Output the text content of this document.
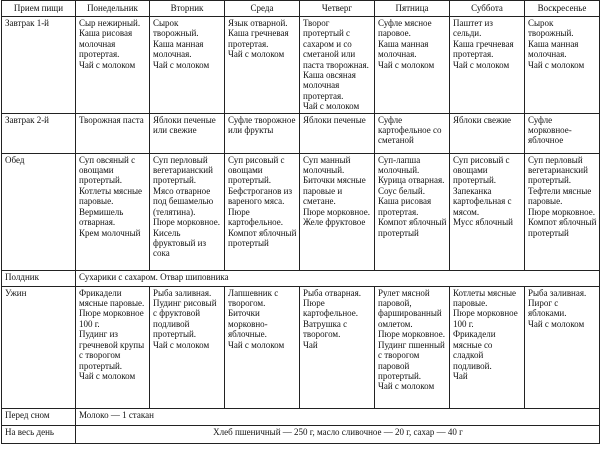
Прием пищи	Понедельник	Вторник	Среда	Четверг	Пятница	Суббота	Воскресенье
Завтрак 1-й	Сыр нежирный.
Каша рисовая молочная протертая.
Чай с молоком	Сырок творожный.
Каша манная молочная.
Чай с молоком	Язык отварной.
Каша гречневая протертая.
Чай с молоком	Творог протертый с сахаром и со сметаной или паста творожная.
Каша овсяная молочная протертая.
Чай с молоком	Суфле мясное паровое.
Каша манная молочная.
Чай с молоком	Паштет из сельди.
Каша гречневая протертая.
Чай с молоком	Сырок творожный.
Каша манная молочная.
Чай с молоком

Завтрак 2-й	Творожная паста	Яблоки печеные или свежие	Суфле творожное или фрукты	Яблоки печеные	Суфле картофельное со сметаной	Яблоки свежие	Суфле морковное-яблочное

Обед	Суп овсяный с овощами протертый.
Котлеты мясные паровые.
Вермишель отварная.
Крем молочный	Суп перловый вегетарианский протертый.
Мясо отварное под бешамелью (телятина).
Пюре морковное.
Кисель фруктовый из сока	Суп рисовый с овощами протертый.
Бефстроганов из вареного мяса.
Пюре картофельное.
Компот яблочный протертый	Суп манный молочный.
Биточки мясные паровые и сметане.
Пюре морковное.
Желе фруктовое	Суп-лапша молочный.
Курица отварная.
Соус белый.
Каша рисовая протертая.
Компот яблочный протертый	Суп рисовый с овощами протертый.
Запеканка картофельная с мясом.
Мусс яблочный	Суп перловый вегетарианский протертый.
Тефтели мясные паровые.
Пюре морковное.
Компот яблочный протертый

Полдник	Сухарики с сахаром. Отвар шиповника						
Ужин	Фрикадели мясные паровые.
Пюре морковное 100 г.
Пудинг из гречневой крупы с творогом протертый.
Чай с молоком	Рыба заливная.
Пудинг рисовый с фруктовой подливой протертый.
Чай с молоком	Лапшевник с творогом.
Биточки морковно-яблочные.
Чай с молоком	Рыба отварная.
Пюре картофельное.
Ватрушка с творогом.
Чай	Рулет мясной паровой, фаршированный омлетом.
Пюре морковное.
Пудинг пшенный с творогом паровой протертый.
Чай с молоком	Котлеты мясные паровые.
Пюре морковное 100 г.
Фрикадели мясные со сладкой подливой.
Чай	Рыба заливная.
Пирог с яблоками.
Чай с молоком

Перед сном	Молоко — 1 стакан						
На весь день	Хлеб пшеничный — 250 г, масло сливочное — 20 г, сахар — 40 г						
